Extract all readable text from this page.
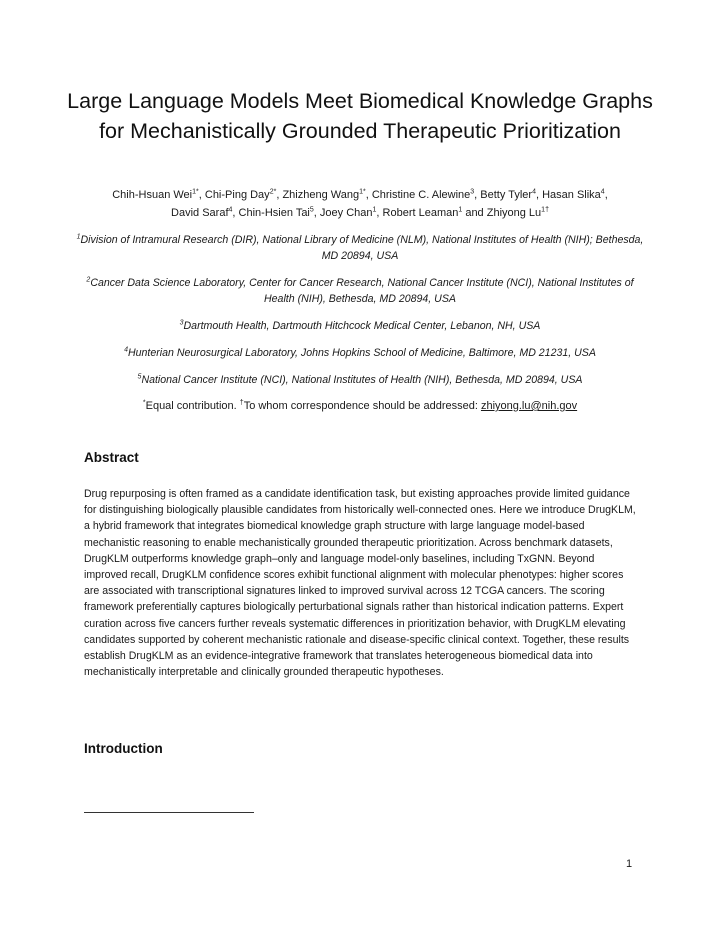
Large Language Models Meet Biomedical Knowledge Graphs for Mechanistically Grounded Therapeutic Prioritization
Chih-Hsuan Wei$^{1*}$, Chi-Ping Day$^{2*}$, Zhizheng Wang$^{1*}$, Christine C. Alewine$^3$, Betty Tyler$^4$, Hasan Slika$^4$,
David Saraf$^4$, Chin-Hsien Tai$^5$, Joey Chan$^1$, Robert Leaman$^1$ and Zhiyong $Lu^{1\dagger}$
$^1$Division of Intramural Research (DIR), National Library of Medicine (NLM), National Institutes of Health (NIH); Bethesda, MD 20894, USA
$^2$Cancer Data Science Laboratory, Center for Cancer Research, National Cancer Institute (NCI), National Institutes of Health (NIH), Bethesda, MD 20894, USA
$^3$Dartmouth Health, Dartmouth Hitchcock Medical Center, Lebanon, NH, USA
$^4$Hunterian Neurosurgical Laboratory, Johns Hopkins School of Medicine, Baltimore, MD 21231, USA
$^5$National Cancer Institute (NCI), National Institutes of Health (NIH), Bethesda, MD 20894, USA
*Equal contribution. †To whom correspondence should be addressed: zhiyong.lu@nih.gov
Abstract
Drug repurposing is often framed as a candidate identification task, but existing approaches provide limited guidance for distinguishing biologically plausible candidates from historically well-connected ones. Here we introduce DrugKLM, a hybrid framework that integrates biomedical knowledge graph structure with large language model-based mechanistic reasoning to enable mechanistically grounded therapeutic prioritization. Across benchmark datasets, DrugKLM outperforms knowledge graph–only and language model-only baselines, including TxGNN. Beyond improved recall, DrugKLM confidence scores exhibit functional alignment with molecular phenotypes: higher scores are associated with transcriptional signatures linked to improved survival across 12 TCGA cancers. The scoring framework preferentially captures biologically perturbational signals rather than historical indication patterns. Expert curation across five cancers further reveals systematic differences in prioritization behavior, with DrugKLM elevating candidates supported by coherent mechanistic rationale and disease-specific clinical context. Together, these results establish DrugKLM as an evidence-integrative framework that translates heterogeneous biomedical data into mechanistically interpretable and clinically grounded therapeutic hypotheses.
Introduction
1
